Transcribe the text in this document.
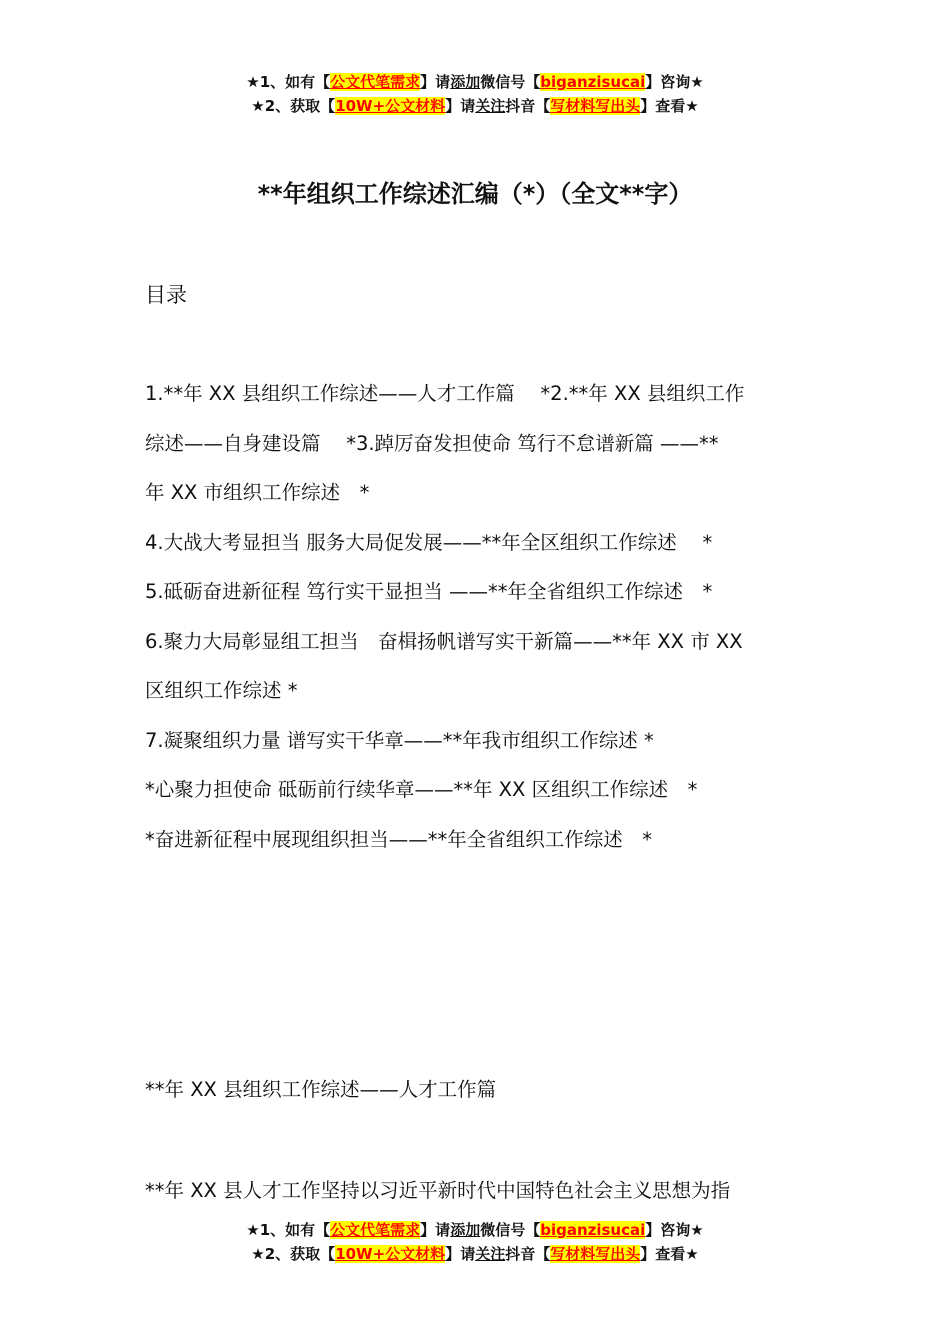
★1、如有【公文代笔需求】请添加微信号【biganzisucai】咨询★
★2、获取【10W+公文材料】请关注抖音【写材料写出头】查看★
**年组织工作综述汇编（*）（全文**字）
目录
1.**年 XX 县组织工作综述——人才工作篇　 *2.**年 XX 县组织工作
综述——自身建设篇　 *3.踔厉奋发担使命 笃行不怠谱新篇 ——**
年 XX 市组织工作综述　*
4.大战大考显担当 服务大局促发展——**年全区组织工作综述　 *
5.砥砺奋进新征程 笃行实干显担当 ——**年全省组织工作综述　*
6.聚力大局彰显组工担当　奋楫扬帆谱写实干新篇——**年 XX 市 XX
区组织工作综述 *
7.凝聚组织力量 谱写实干华章——**年我市组织工作综述 *
*心聚力担使命 砥砺前行续华章——**年 XX 区组织工作综述　*
*奋进新征程中展现组织担当——**年全省组织工作综述　*
**年 XX 县组织工作综述——人才工作篇
**年 XX 县人才工作坚持以习近平新时代中国特色社会主义思想为指
★1、如有【公文代笔需求】请添加微信号【biganzisucai】咨询★
★2、获取【10W+公文材料】请关注抖音【写材料写出头】查看★
